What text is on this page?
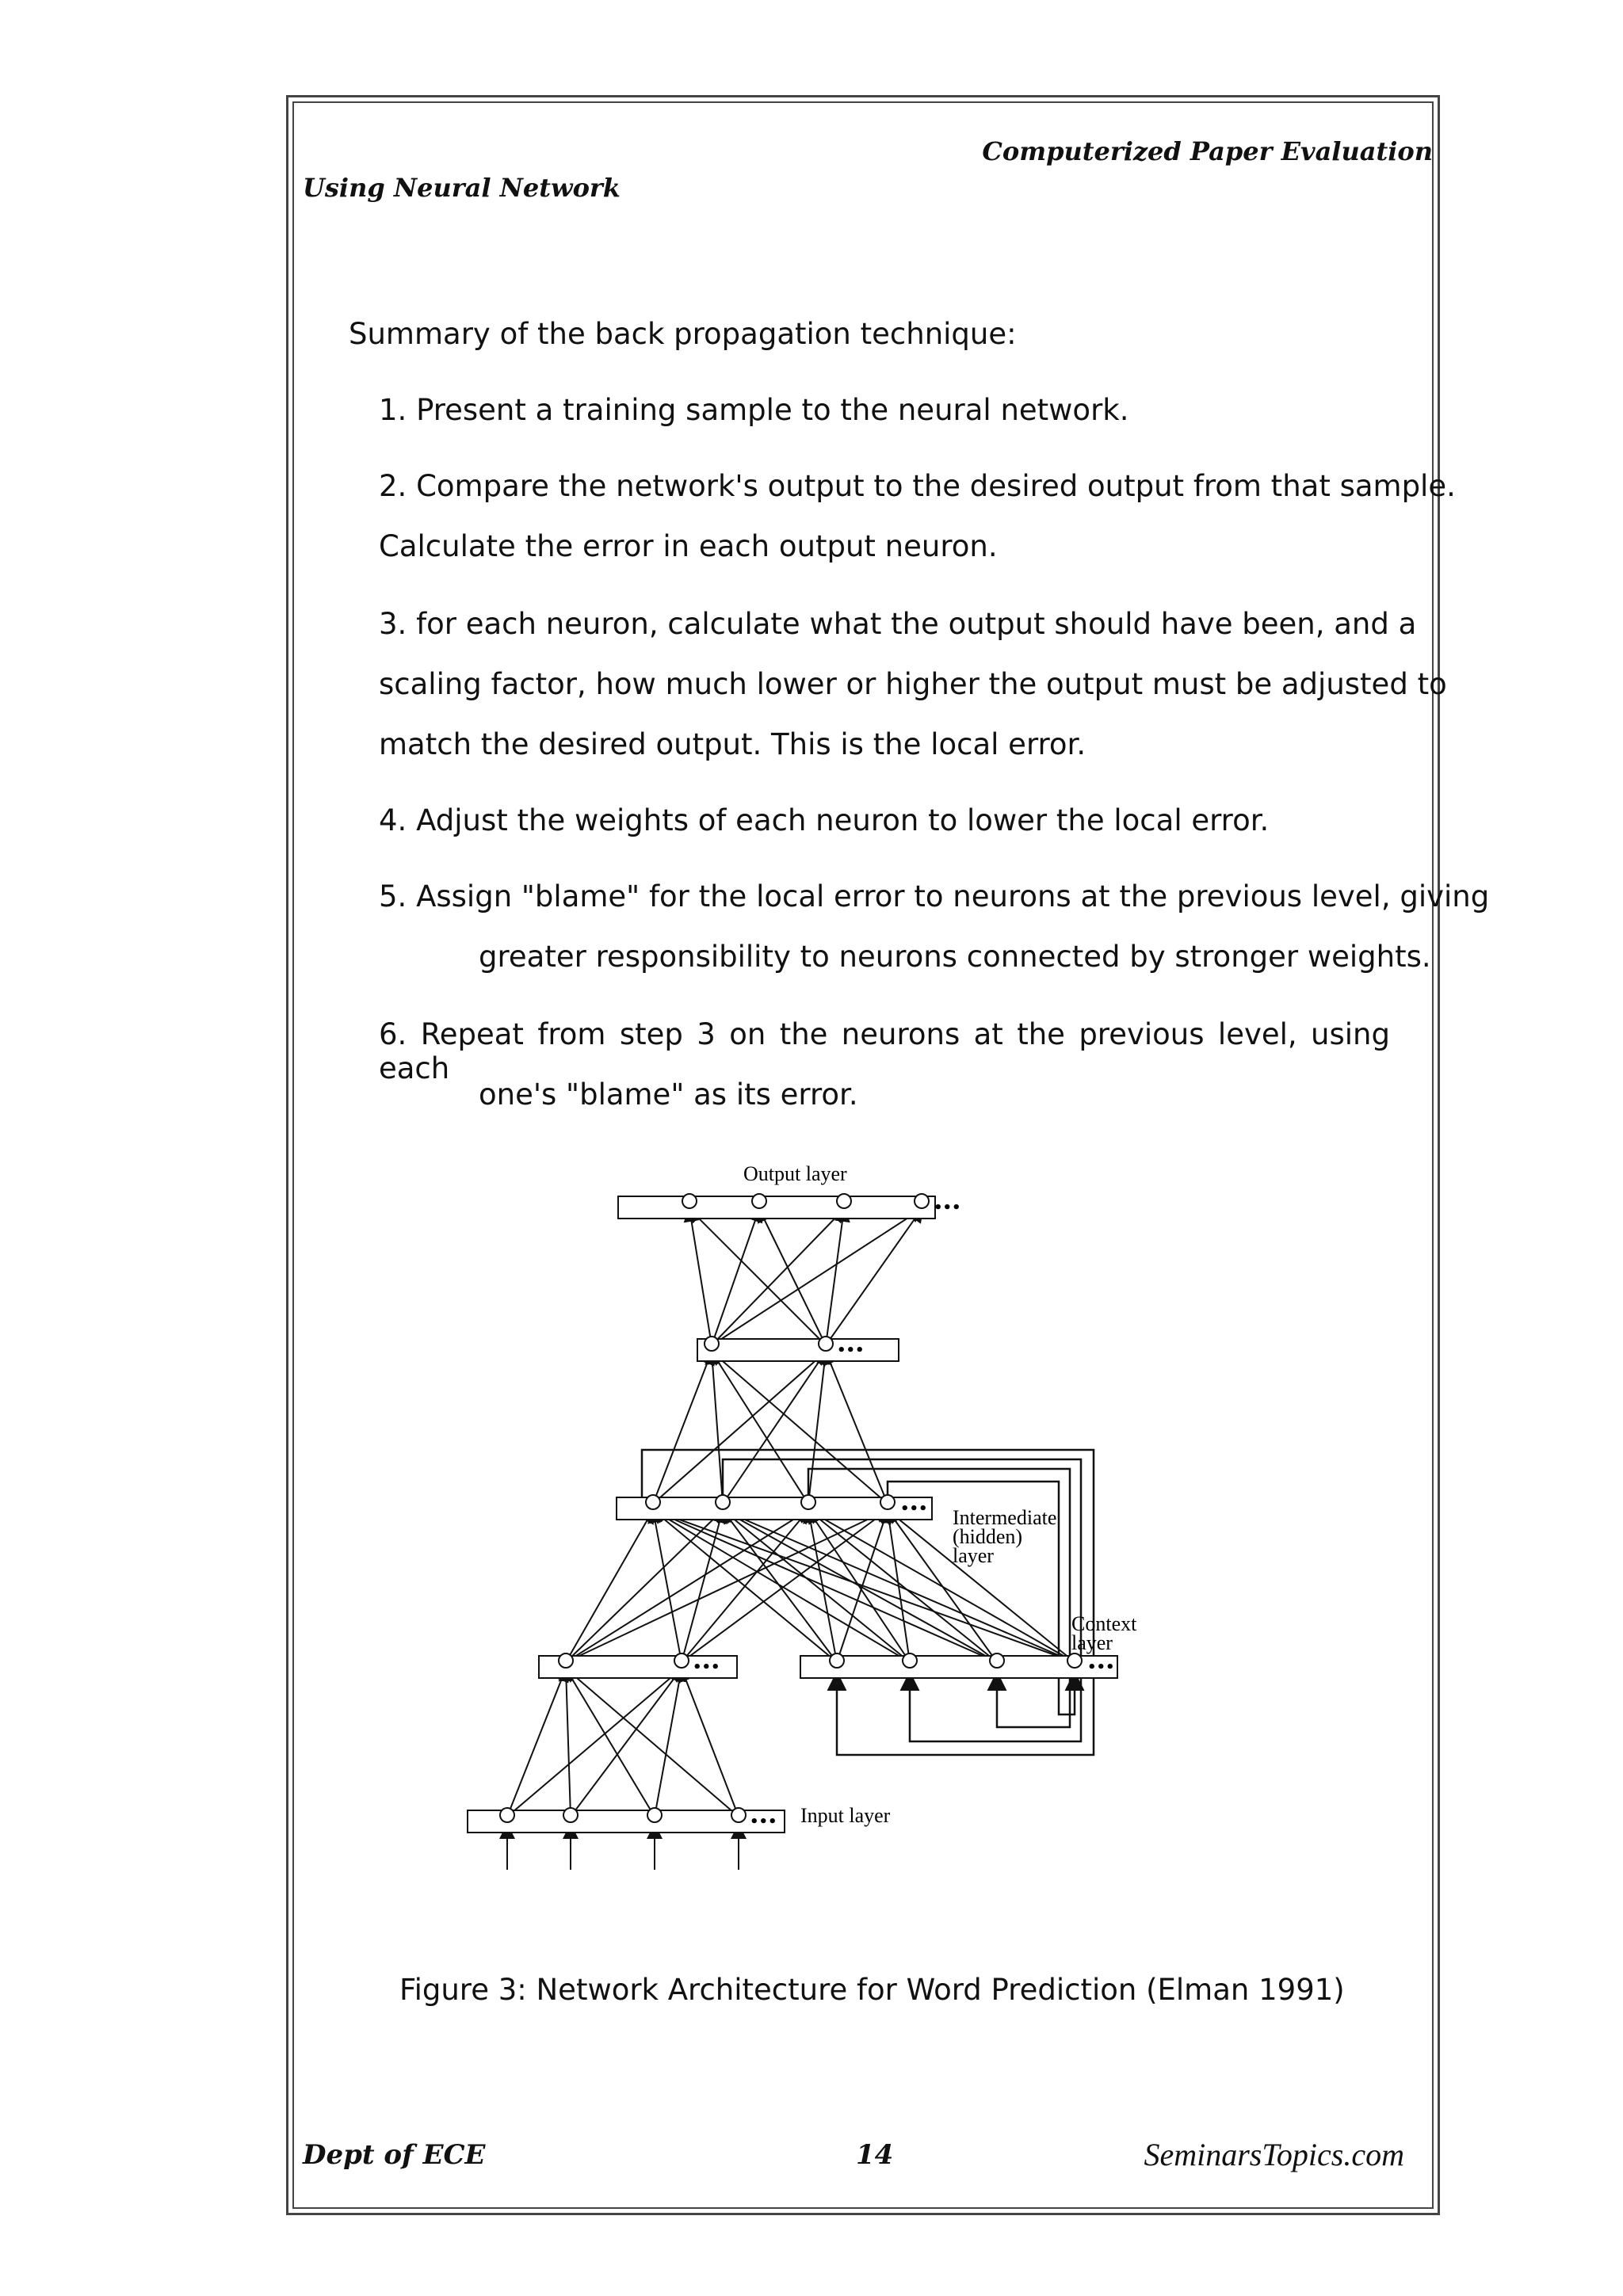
Computerized Paper Evaluation
Using Neural Network
Summary of the back propagation technique:
1. Present a training sample to the neural network.
2. Compare the network's output to the desired output from that sample.
Calculate the error in each output neuron.
3. for each neuron, calculate what the output should have been, and a
scaling factor, how much lower or higher the output must be adjusted to
match the desired output. This is the local error.
4. Adjust the weights of each neuron to lower the local error.
5. Assign "blame" for the local error to neurons at the previous level, giving
greater responsibility to neurons connected by stronger weights.
6. Repeat from step 3 on the neurons at the previous level, using each
one's "blame" as its error.
•••
•••
•••
•••	•••
•••
Output layer
Intermediate
(hidden)
layer
Context
layer
Input layer
Figure 3: Network Architecture for Word Prediction (Elman 1991)
Dept of ECE	14	SeminarsTopics.com
